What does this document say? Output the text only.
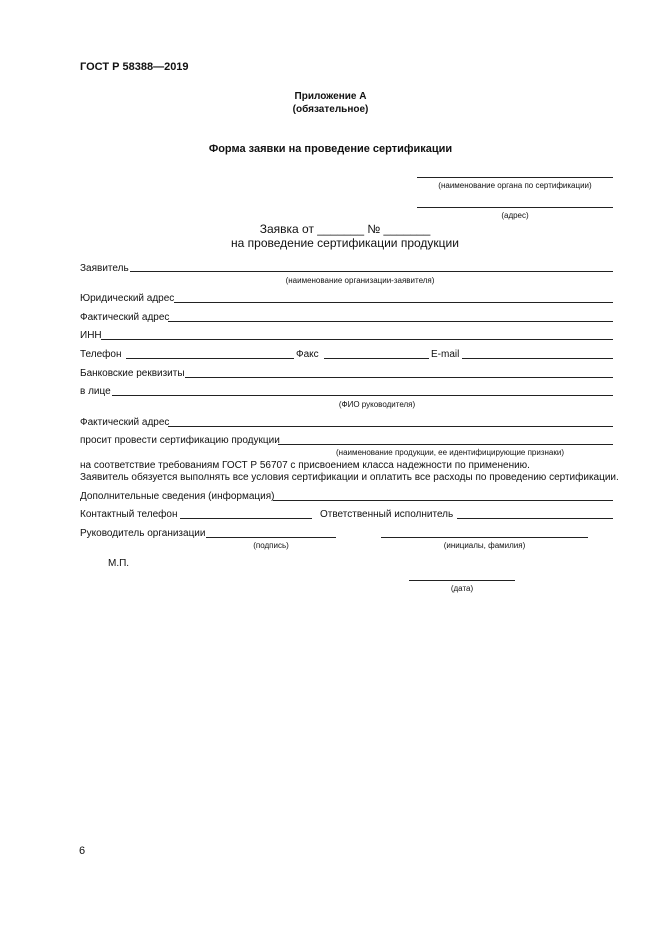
ГОСТ Р 58388—2019
Приложение А
(обязательное)
Форма заявки на проведение сертификации
(наименование органа по сертификации)
(адрес)
Заявка от _______ № _______
на проведение сертификации продукции
Заявитель
(наименование организации-заявителя)
Юридический адрес
Фактический адрес
ИНН
Телефон	Факс	E-mail
Банковские реквизиты
в лице
(ФИО руководителя)
Фактический адрес
просит провести сертификацию продукции
(наименование продукции, ее идентифицирующие признаки)
на соответствие требованиям ГОСТ Р 56707 с присвоением класса надежности по применению.
Заявитель обязуется выполнять все условия сертификации и оплатить все расходы по проведению сертификации.
Дополнительные сведения (информация)
Контактный телефон	Ответственный исполнитель
Руководитель организации
(подпись)	(инициалы, фамилия)
М.П.
(дата)
6
